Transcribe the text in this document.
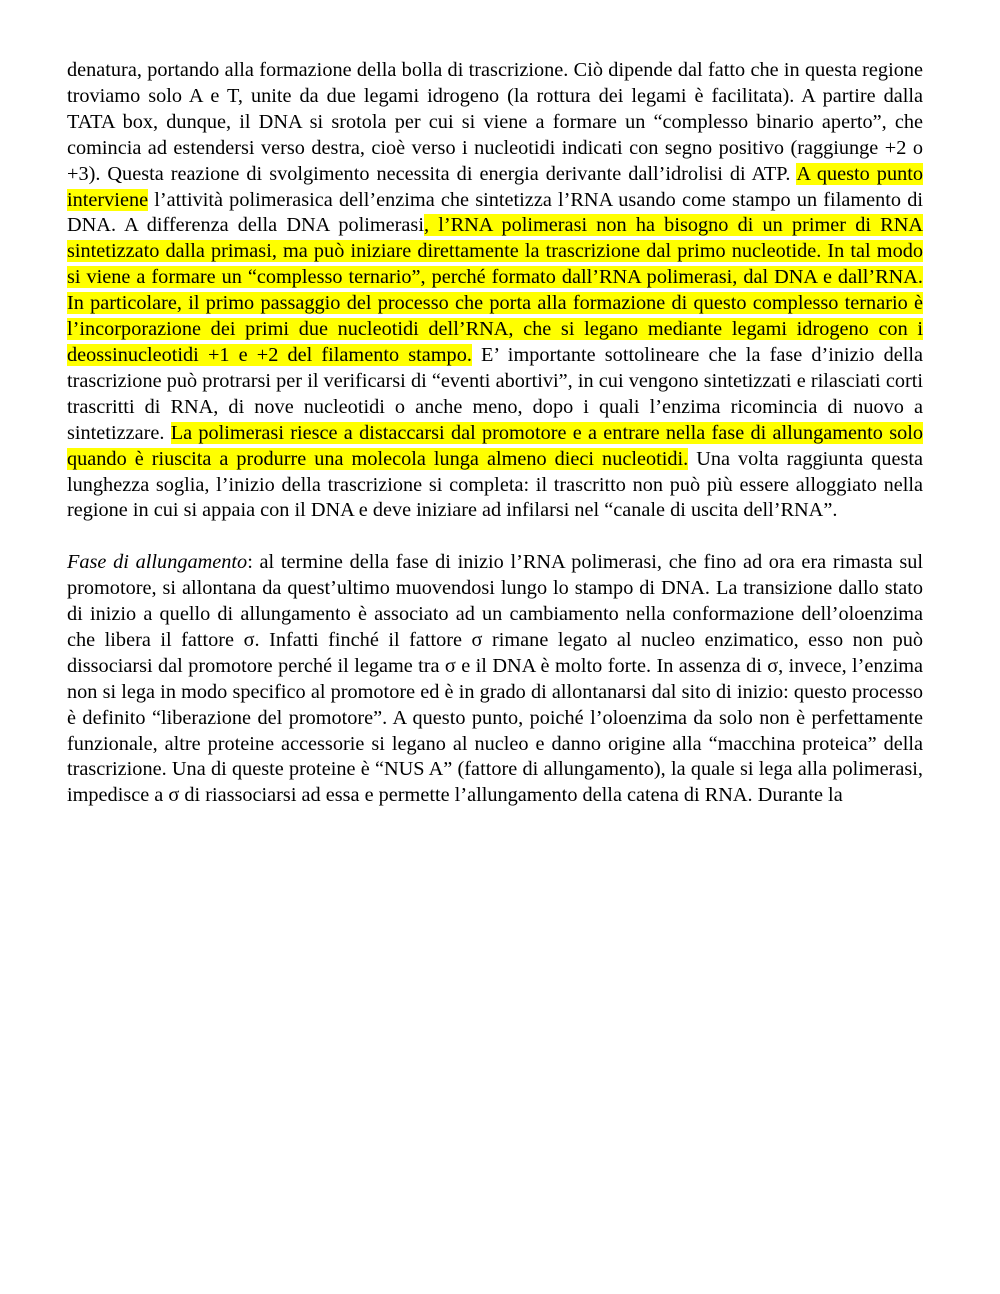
denatura, portando alla formazione della bolla di trascrizione. Ciò dipende dal fatto che in questa regione troviamo solo A e T, unite da due legami idrogeno (la rottura dei legami è facilitata). A partire dalla TATA box, dunque, il DNA si srotola per cui si viene a formare un “complesso binario aperto”, che comincia ad estendersi verso destra, cioè verso i nucleotidi indicati con segno positivo (raggiunge +2 o +3). Questa reazione di svolgimento necessita di energia derivante dall’idrolisi di ATP. A questo punto interviene l’attività polimerasica dell’enzima che sintetizza l’RNA usando come stampo un filamento di DNA. A differenza della DNA polimerasi, l’RNA polimerasi non ha bisogno di un primer di RNA sintetizzato dalla primasi, ma può iniziare direttamente la trascrizione dal primo nucleotide. In tal modo si viene a formare un “complesso ternario”, perché formato dall’RNA polimerasi, dal DNA e dall’RNA. In particolare, il primo passaggio del processo che porta alla formazione di questo complesso ternario è l’incorporazione dei primi due nucleotidi dell’RNA, che si legano mediante legami idrogeno con i deossinucleotidi +1 e +2 del filamento stampo. E’ importante sottolineare che la fase d’inizio della trascrizione può protrarsi per il verificarsi di “eventi abortivi”, in cui vengono sintetizzati e rilasciati corti trascritti di RNA, di nove nucleotidi o anche meno, dopo i quali l’enzima ricomincia di nuovo a sintetizzare. La polimerasi riesce a distaccarsi dal promotore e a entrare nella fase di allungamento solo quando è riuscita a produrre una molecola lunga almeno dieci nucleotidi. Una volta raggiunta questa lunghezza soglia, l’inizio della trascrizione si completa: il trascritto non può più essere alloggiato nella regione in cui si appaia con il DNA e deve iniziare ad infilarsi nel “canale di uscita dell’RNA”.

Fase di allungamento: al termine della fase di inizio l’RNA polimerasi, che fino ad ora era rimasta sul promotore, si allontana da quest’ultimo muovendosi lungo lo stampo di DNA. La transizione dallo stato di inizio a quello di allungamento è associato ad un cambiamento nella conformazione dell’oloenzima che libera il fattore σ. Infatti finché il fattore σ rimane legato al nucleo enzimatico, esso non può dissociarsi dal promotore perché il legame tra σ e il DNA è molto forte. In assenza di σ, invece, l’enzima non si lega in modo specifico al promotore ed è in grado di allontanarsi dal sito di inizio: questo processo è definito “liberazione del promotore”. A questo punto, poiché l’oloenzima da solo non è perfettamente funzionale, altre proteine accessorie si legano al nucleo e danno origine alla “macchina proteica” della trascrizione. Una di queste proteine è “NUS A” (fattore di allungamento), la quale si lega alla polimerasi, impedisce a σ di riassociarsi ad essa e permette l’allungamento della catena di RNA. Durante la
